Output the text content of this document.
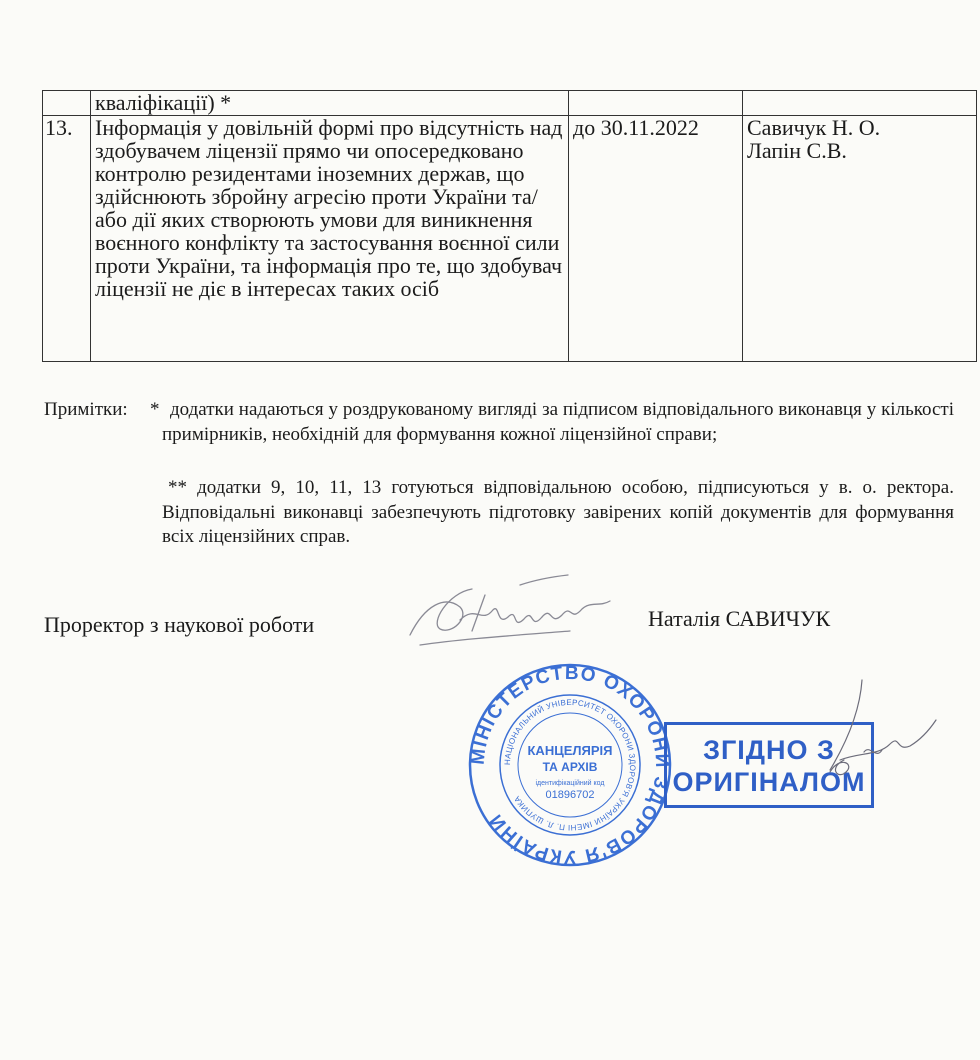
	кваліфікації) *		
13.	Інформація у довільній формі про відсутність над здобувачем ліцензії прямо чи опосередковано контролю резидентами іноземних держав, що здійснюють збройну агресію проти України та/або дії яких створюють умови для виникнення воєнного конфлікту та застосування воєнної сили проти України, та інформація про те, що здобувач ліцензії не діє в інтересах таких осіб	до 30.11.2022	Савичук Н. О.
Лапін С.В.
Примітки: * додатки надаються у роздрукованому вигляді за підписом відповідального виконавця у кількості примірників, необхідній для формування кожної ліцензійної справи;

** додатки 9, 10, 11, 13 готуються відповідальною особою, підписуються у в. о. ректора. Відповідальні виконавці забезпечують підготовку завірених копій документів для формування всіх ліцензійних справ.

Проректор з наукової роботи	Наталія САВИЧУК
МІНІСТЕРСТВО ОХОРОНИ ЗДОРОВ'Я УКРАЇНИ
НАЦІОНАЛЬНИЙ УНІВЕРСИТЕТ ОХОРОНИ ЗДОРОВ'Я УКРАЇНИ ІМЕНІ П. Л. ШУПИКА
КАНЦЕЛЯРІЯ
ТА АРХІВ
ідентифікаційний код
01896702
ЗГІДНО З
ОРИГІНАЛОМ
